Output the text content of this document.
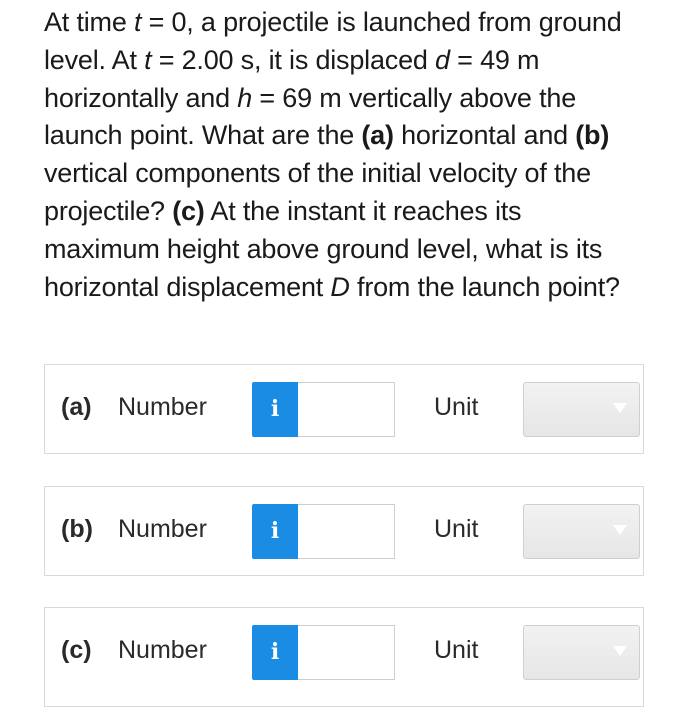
At time t = 0, a projectile is launched from ground

level. At t = 2.00 s, it is displaced d = 49 m

horizontally and h = 69 m vertically above the

launch point. What are the (a) horizontal and (b)

vertical components of the initial velocity of the

projectile? (c) At the instant it reaches its

maximum height above ground level, what is its

horizontal displacement D from the launch point?

(a) Number	i	Unit
(b) Number	i	Unit
(c) Number	i	Unit
